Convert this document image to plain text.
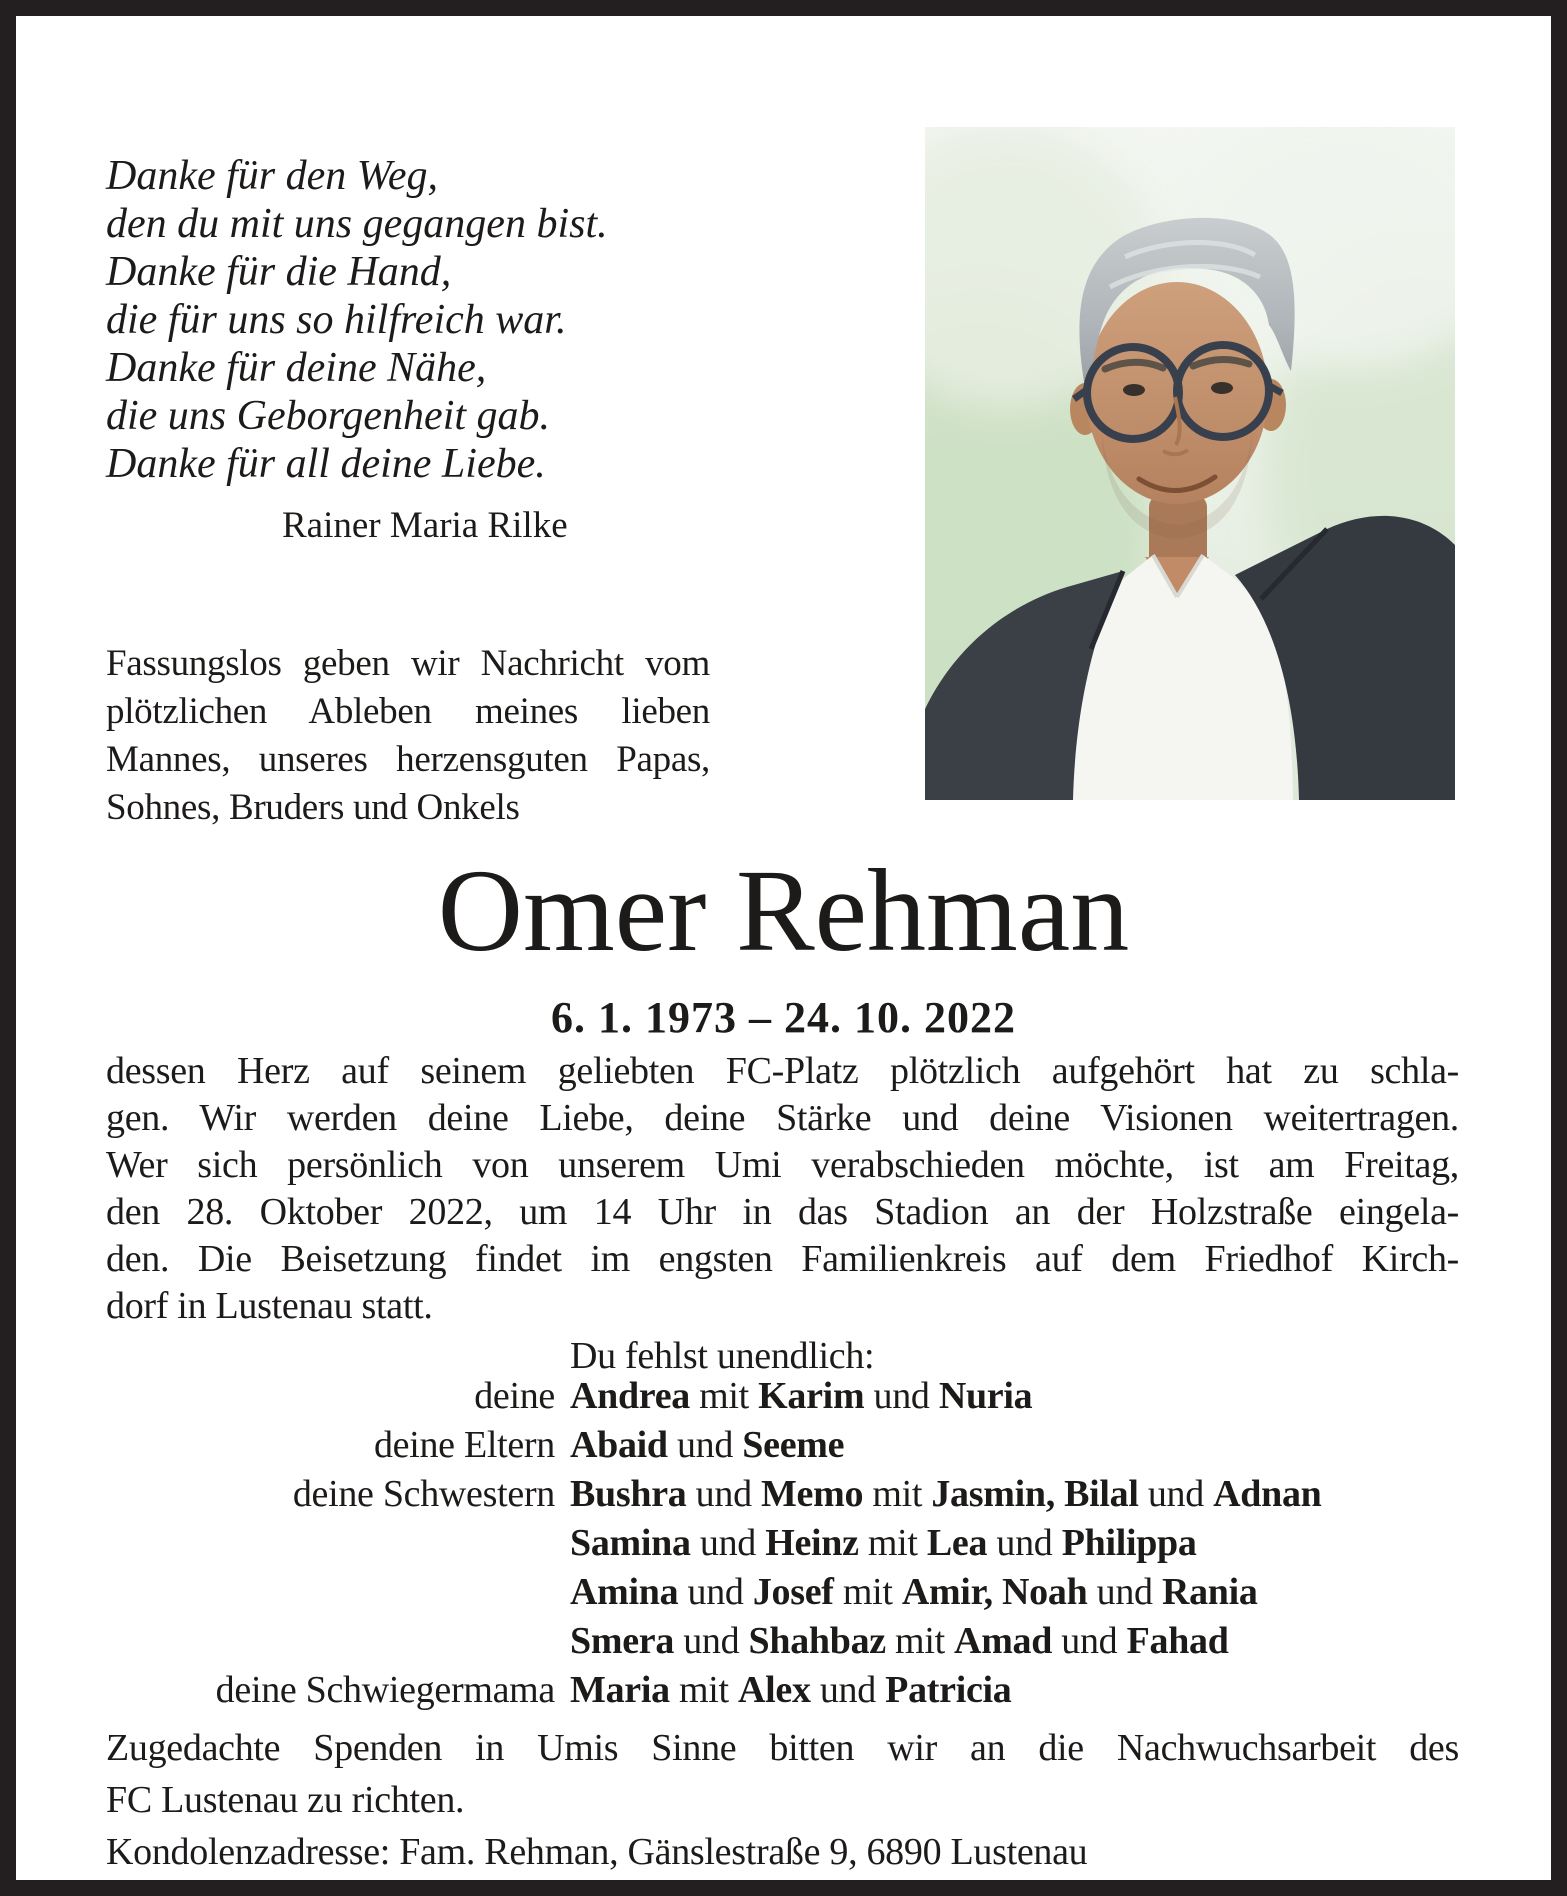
Danke für den Weg,
den du mit uns gegangen bist.
Danke für die Hand,
die für uns so hilfreich war.
Danke für deine Nähe,
die uns Geborgenheit gab.
Danke für all deine Liebe.
Rainer Maria Rilke
Fassungslos geben wir Nachricht vom
plötzlichen Ableben meines lieben
Mannes, unseres herzensguten Papas,
Sohnes, Bruders und Onkels
Omer Rehman
6. 1. 1973 – 24. 10. 2022
dessen Herz auf seinem geliebten FC-Platz plötzlich aufgehört hat zu schla-
gen. Wir werden deine Liebe, deine Stärke und deine Visionen weitertragen.
Wer sich persönlich von unserem Umi verabschieden möchte, ist am Freitag,
den 28. Oktober 2022, um 14 Uhr in das Stadion an der Holzstraße eingela-
den. Die Beisetzung findet im engsten Familienkreis auf dem Friedhof Kirch-
dorf in Lustenau statt.
Du fehlst unendlich:
deine Andrea mit Karim und Nuria
deine Eltern Abaid und Seeme
deine Schwestern Bushra und Memo mit Jasmin, Bilal und Adnan
Samina und Heinz mit Lea und Philippa
Amina und Josef mit Amir, Noah und Rania
Smera und Shahbaz mit Amad und Fahad
deine Schwiegermama Maria mit Alex und Patricia
Zugedachte Spenden in Umis Sinne bitten wir an die Nachwuchsarbeit des
FC Lustenau zu richten.
Kondolenzadresse: Fam. Rehman, Gänslestraße 9, 6890 Lustenau
